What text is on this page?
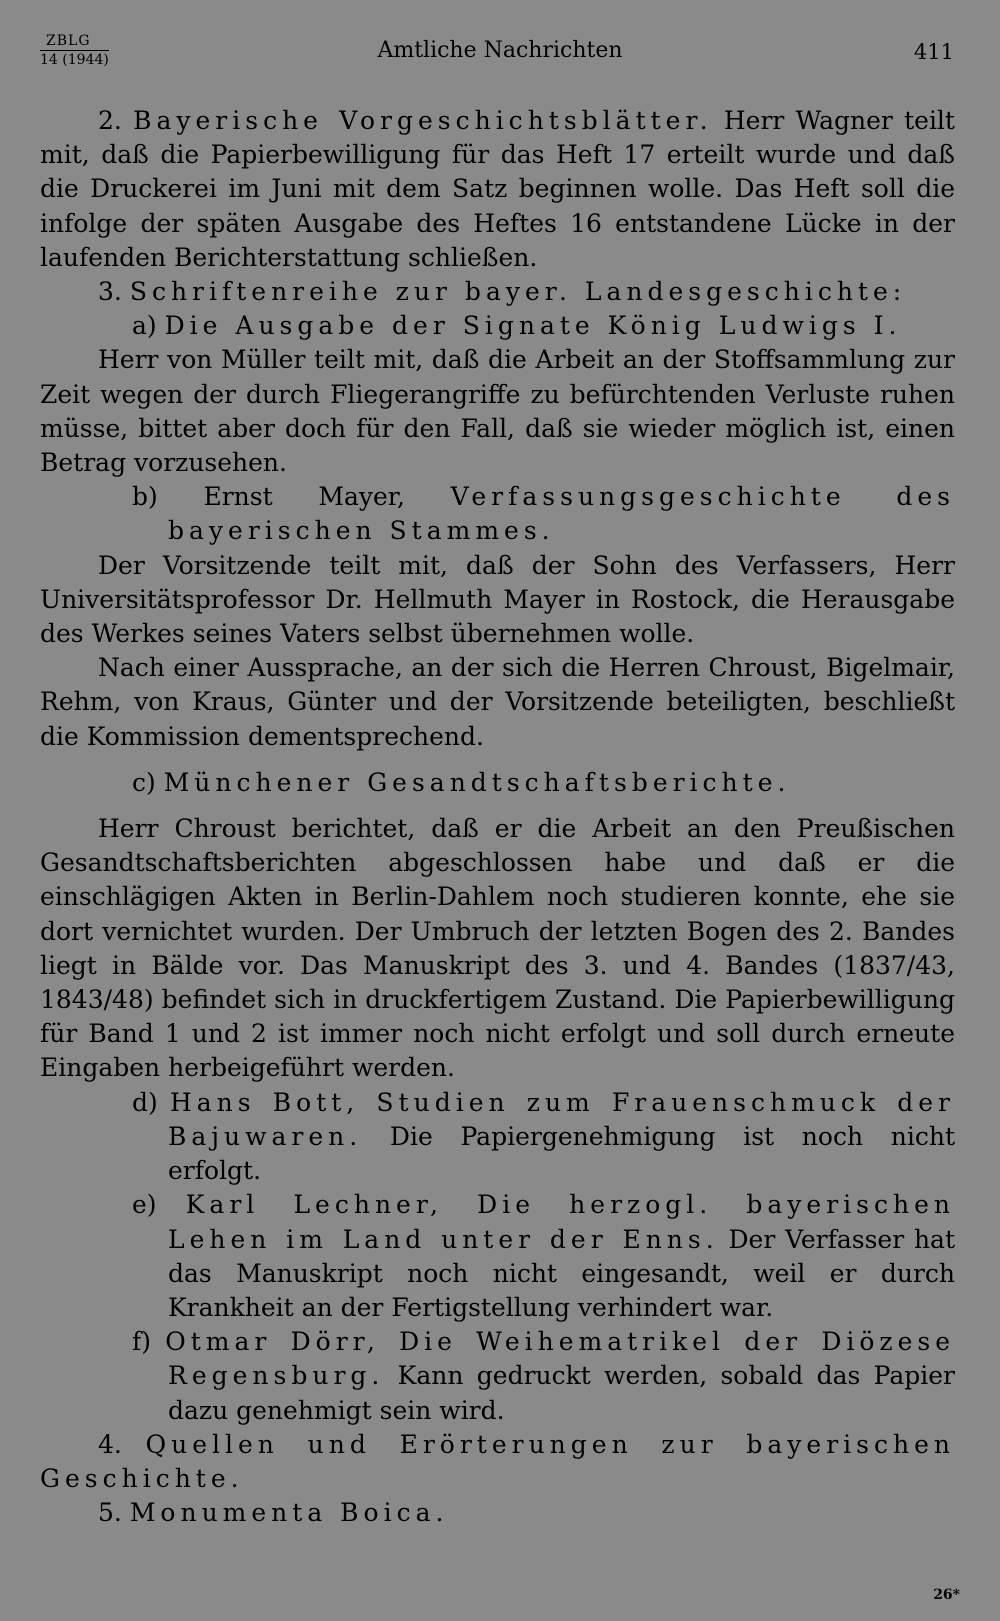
ZBLG
14 (1944)	Amtliche Nachrichten	411

2. Bayerische Vorgeschichtsblätter. Herr Wagner teilt mit, daß die Papierbewilligung für das Heft 17 erteilt wurde und daß die Druckerei im Juni mit dem Satz beginnen wolle. Das Heft soll die infolge der späten Ausgabe des Heftes 16 entstandene Lücke in der laufenden Berichterstattung schließen.

3. Schriftenreihe zur bayer. Landesgeschichte:

a) Die Ausgabe der Signate König Ludwigs I.

Herr von Müller teilt mit, daß die Arbeit an der Stoffsammlung zur Zeit wegen der durch Fliegerangriffe zu befürchtenden Verluste ruhen müsse, bittet aber doch für den Fall, daß sie wieder möglich ist, einen Betrag vorzusehen.

b) Ernst Mayer, Verfassungsgeschichte des bayerischen Stammes.

Der Vorsitzende teilt mit, daß der Sohn des Verfassers, Herr Universitätsprofessor Dr. Hellmuth Mayer in Rostock, die Herausgabe des Werkes seines Vaters selbst übernehmen wolle.

Nach einer Aussprache, an der sich die Herren Chroust, Bigelmair, Rehm, von Kraus, Günter und der Vorsitzende beteiligten, beschließt die Kommission dementsprechend.

c) Münchener Gesandtschaftsberichte.

Herr Chroust berichtet, daß er die Arbeit an den Preußischen Gesandtschaftsberichten abgeschlossen habe und daß er die einschlägigen Akten in Berlin-Dahlem noch studieren konnte, ehe sie dort vernichtet wurden. Der Umbruch der letzten Bogen des 2. Bandes liegt in Bälde vor. Das Manuskript des 3. und 4. Bandes (1837/43, 1843/48) befindet sich in druckfertigem Zustand. Die Papierbewilligung für Band 1 und 2 ist immer noch nicht erfolgt und soll durch erneute Eingaben herbeigeführt werden.

d) Hans Bott, Studien zum Frauenschmuck der Bajuwaren. Die Papiergenehmigung ist noch nicht erfolgt.

e) Karl Lechner, Die herzogl. bayerischen Lehen im Land unter der Enns. Der Verfasser hat das Manuskript noch nicht eingesandt, weil er durch Krankheit an der Fertigstellung verhindert war.

f) Otmar Dörr, Die Weihematrikel der Diözese Regensburg. Kann gedruckt werden, sobald das Papier dazu genehmigt sein wird.

4. Quellen und Erörterungen zur bayerischen Geschichte.

5. Monumenta Boica.

26*
